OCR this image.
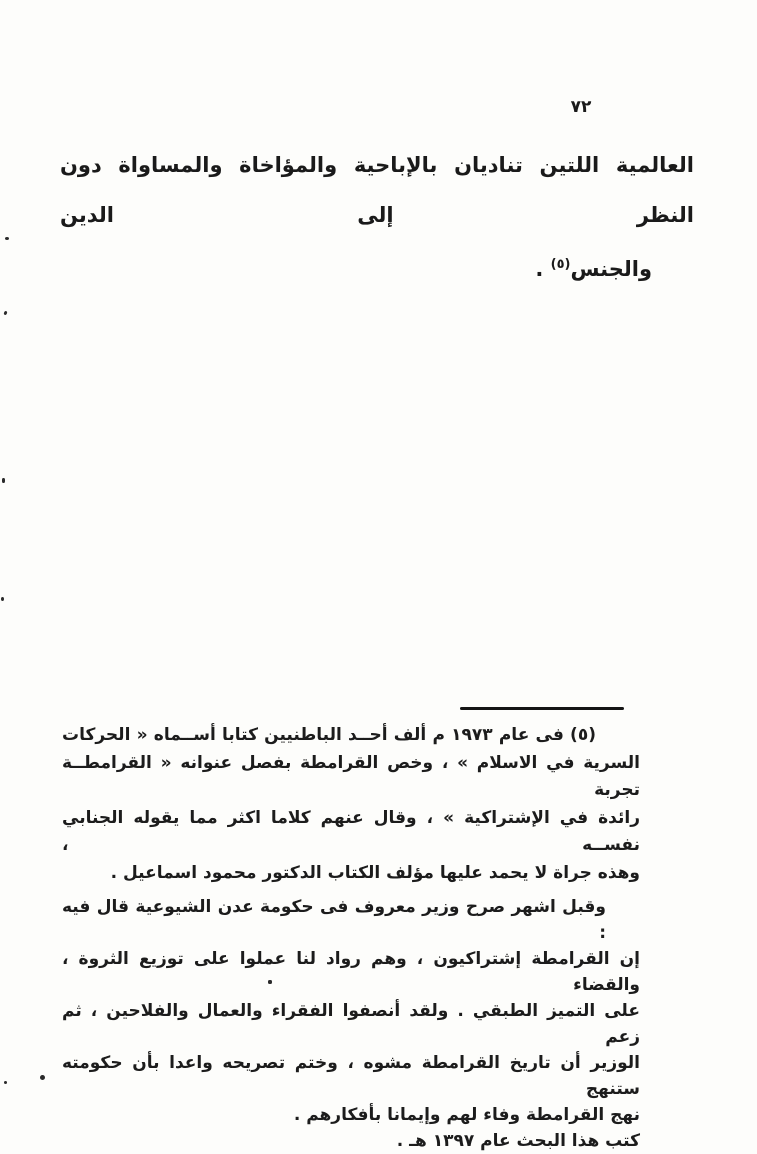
٧٢
العالمية اللتين تناديان بالإباحية والمؤاخاة والمساواة دون النظر إلى الدين
والجنس$^{(٥)}$ .
(٥) فى عام ١٩٧٣ م ألف أحــد الباطنيين كتابا أســماه « الحركات
السرية في الاسلام » ، وخص القرامطة بفصل عنوانه « القرامطــة تجربة
رائدة في الإشتراكية » ، وقال عنهم كلاما اكثر مما يقوله الجنابي نفســه ،
وهذه جراة لا يحمد عليها مؤلف الكتاب الدكتور محمود اسماعيل .
وقبل اشهر صرح وزير معروف فى حكومة عدن الشيوعية قال فيه :
إن القرامطة إشتراكيون ، وهم رواد لنا عملوا على توزيع الثروة ، والقضاء
على التميز الطبقي . ولقد أنصفوا الفقراء والعمال والفلاحين ، ثم زعم
الوزير أن تاريخ القرامطة مشوه ، وختم تصريحه واعدا بأن حكومته ستنهج
نهج القرامطة وفاء لهم وإيمانا بأفكارهم .
كتب هذا البحث عام ١٣٩٧ هـ .
